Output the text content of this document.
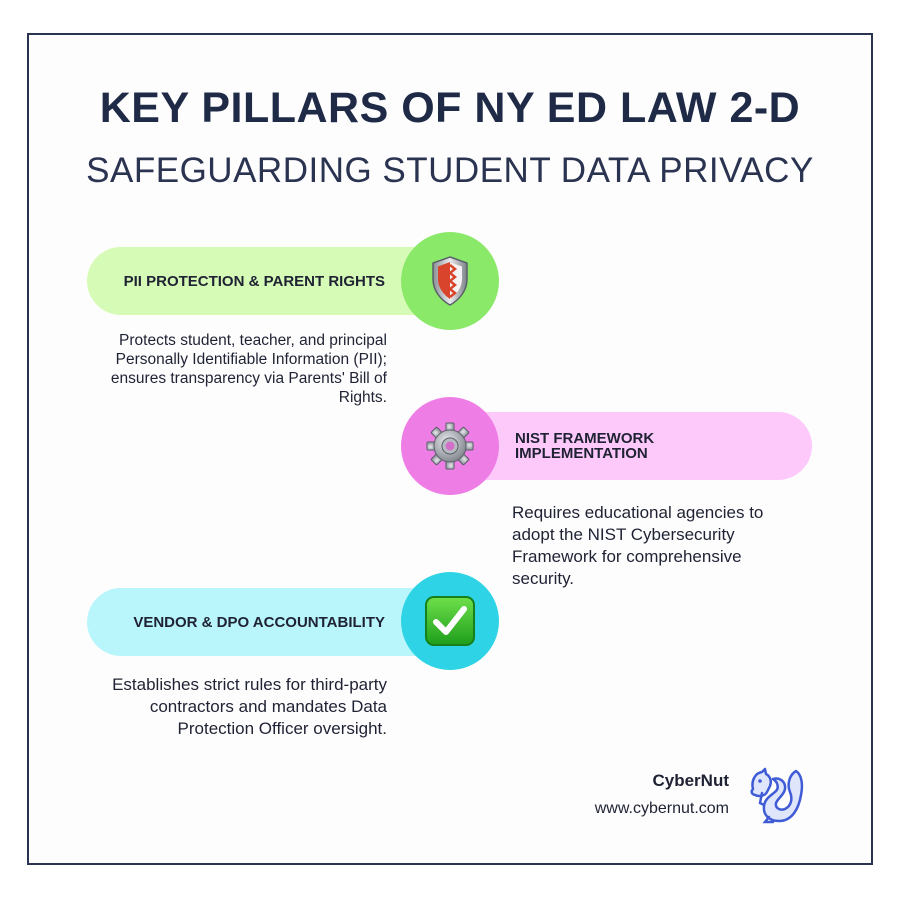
KEY PILLARS OF NY ED LAW 2-D
SAFEGUARDING STUDENT DATA PRIVACY
PII PROTECTION & PARENT RIGHTS
Protects student, teacher, and principal Personally Identifiable Information (PII); ensures transparency via Parents' Bill of Rights.
NIST FRAMEWORK IMPLEMENTATION
Requires educational agencies to adopt the NIST Cybersecurity Framework for comprehensive security.
VENDOR & DPO ACCOUNTABILITY
Establishes strict rules for third-party contractors and mandates Data Protection Officer oversight.
CyberNut
www.cybernut.com
